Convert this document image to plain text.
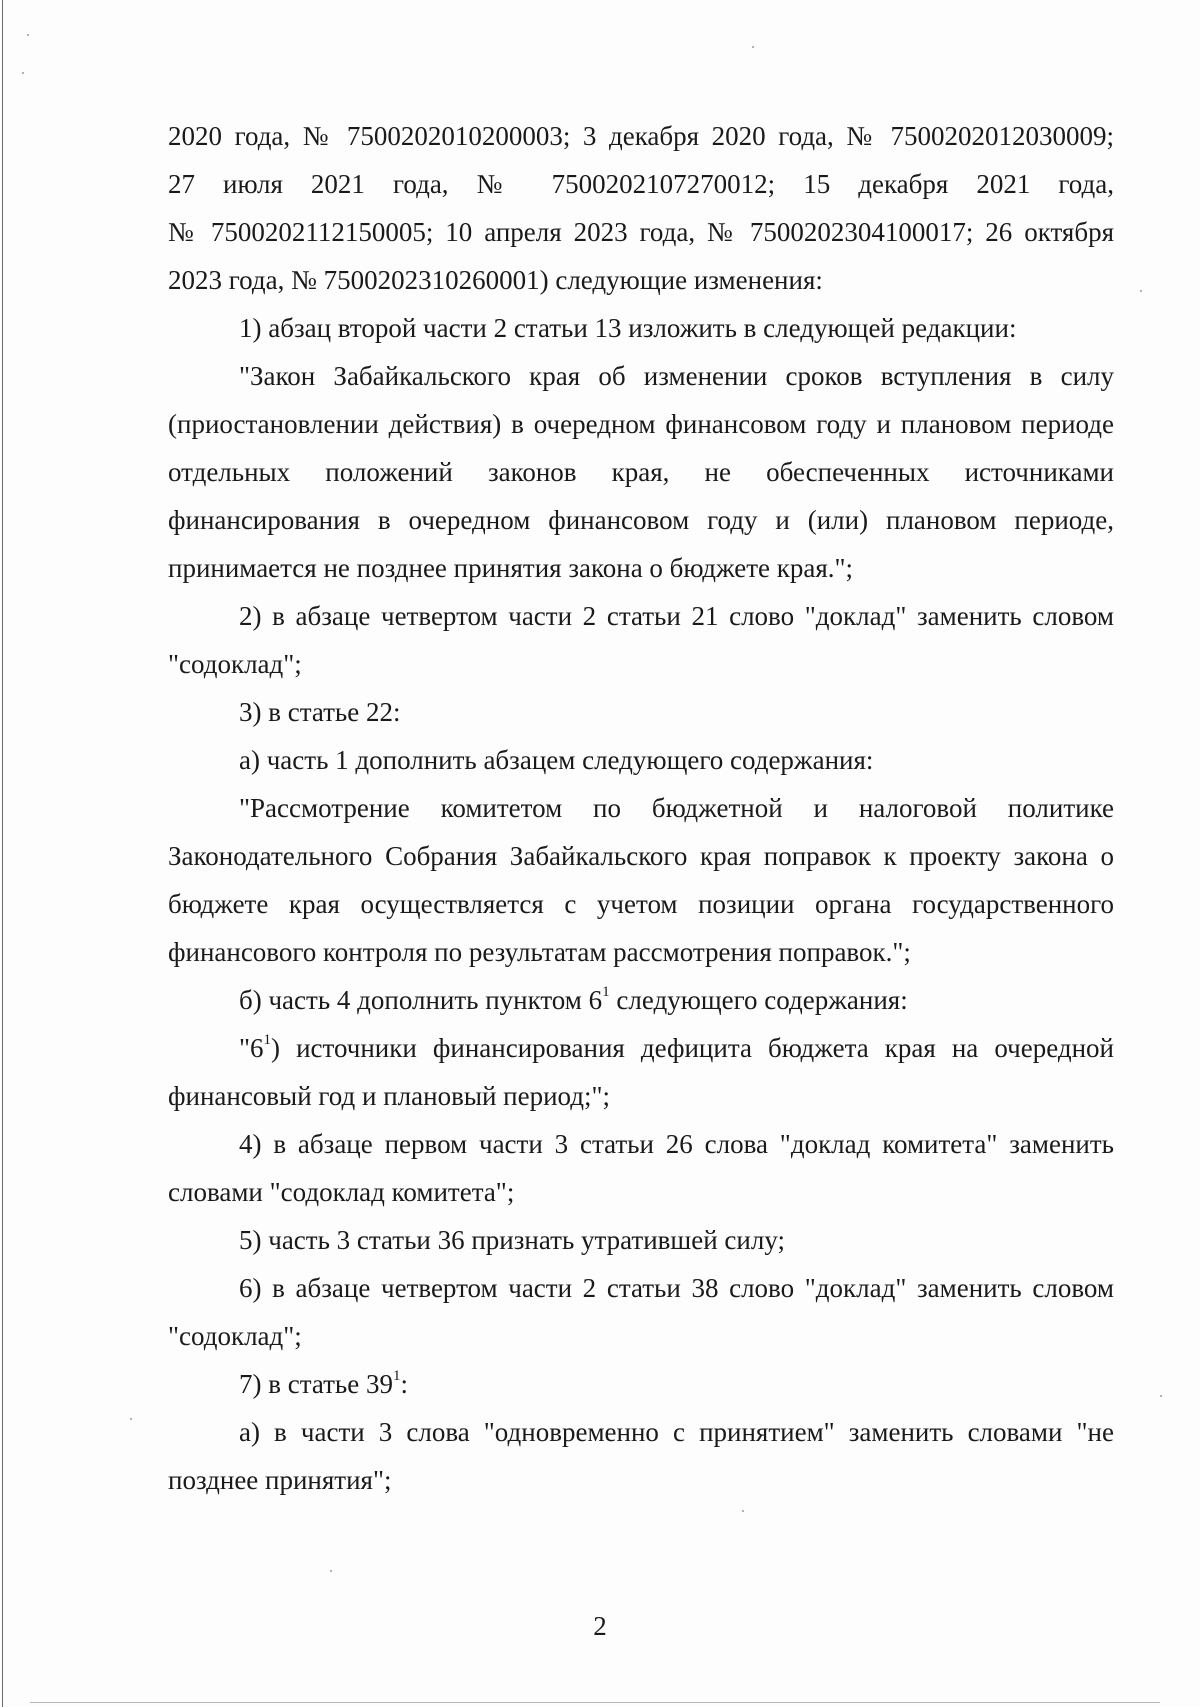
2020 года, № 7500202010200003; 3 декабря 2020 года, № 7500202012030009;
27 июля 2021 года, № 7500202107270012; 15 декабря 2021 года,
№ 7500202112150005; 10 апреля 2023 года, № 7500202304100017; 26 октября
2023 года, № 7500202310260001) следующие изменения:

1) абзац второй части 2 статьи 13 изложить в следующей редакции:

"Закон Забайкальского края об изменении сроков вступления в силу (приостановлении действия) в очередном финансовом году и плановом периоде отдельных положений законов края, не обеспеченных источниками финансирования в очередном финансовом году и (или) плановом периоде, принимается не позднее принятия закона о бюджете края.";

2) в абзаце четвертом части 2 статьи 21 слово "доклад" заменить словом "содоклад";

3) в статье 22:

а) часть 1 дополнить абзацем следующего содержания:

"Рассмотрение комитетом по бюджетной и налоговой политике Законодательного Собрания Забайкальского края поправок к проекту закона о бюджете края осуществляется с учетом позиции органа государственного финансового контроля по результатам рассмотрения поправок.";

б) часть 4 дополнить пунктом $6^1$ следующего содержания:

"$6^1$) источники финансирования дефицита бюджета края на очередной финансовый год и плановый период;";

4) в абзаце первом части 3 статьи 26 слова "доклад комитета" заменить словами "содоклад комитета";

5) часть 3 статьи 36 признать утратившей силу;

6) в абзаце четвертом части 2 статьи 38 слово "доклад" заменить словом "содоклад";

7) в статье $39^1$:

а) в части 3 слова "одновременно с принятием" заменить словами "не позднее принятия";

2
